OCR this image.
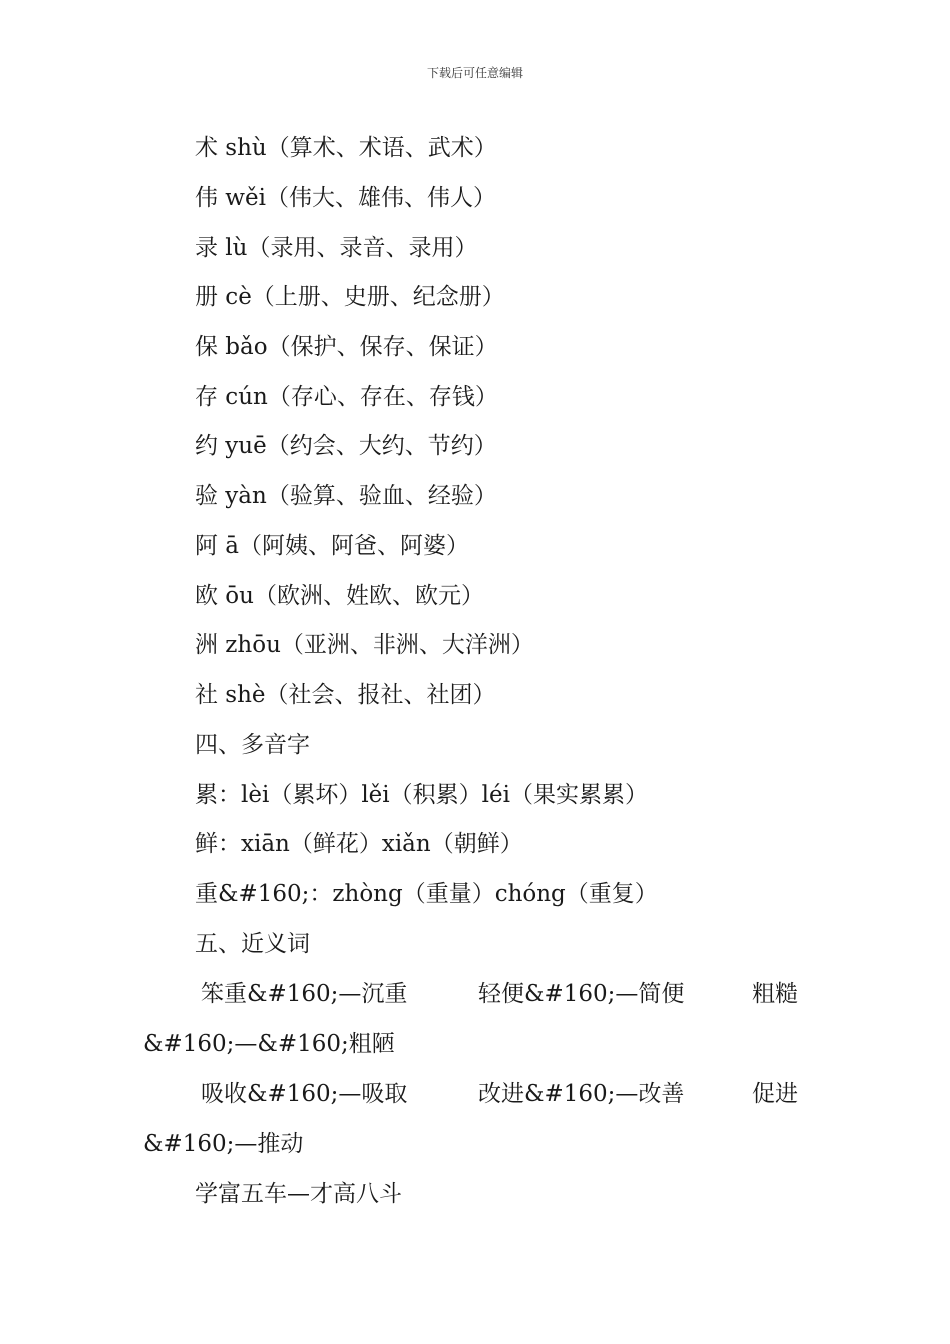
下载后可任意编辑
术 shù（算术、术语、武术）
伟 wěi（伟大、雄伟、伟人）
录 lù（录用、录音、录用）
册 cè（上册、史册、纪念册）
保 bǎo（保护、保存、保证）
存 cún（存心、存在、存钱）
约 yuē（约会、大约、节约）
验 yàn（验算、验血、经验）
阿 ā（阿姨、阿爸、阿婆）
欧 ōu（欧洲、姓欧、欧元）
洲 zhōu（亚洲、非洲、大洋洲）
社 shè（社会、报社、社团）
四、多音字
累：lèi（累坏）lěi（积累）léi（果实累累）
鲜：xiān（鲜花）xiǎn（朝鲜）
重&#160;：zhòng（重量）chóng（重复）
五、近义词
笨重&#160;—沉重	轻便&#160;—简便	粗糙
&#160;—&#160;粗陋
吸收&#160;—吸取	改进&#160;—改善	促进
&#160;—推动
学富五车—才高八斗
